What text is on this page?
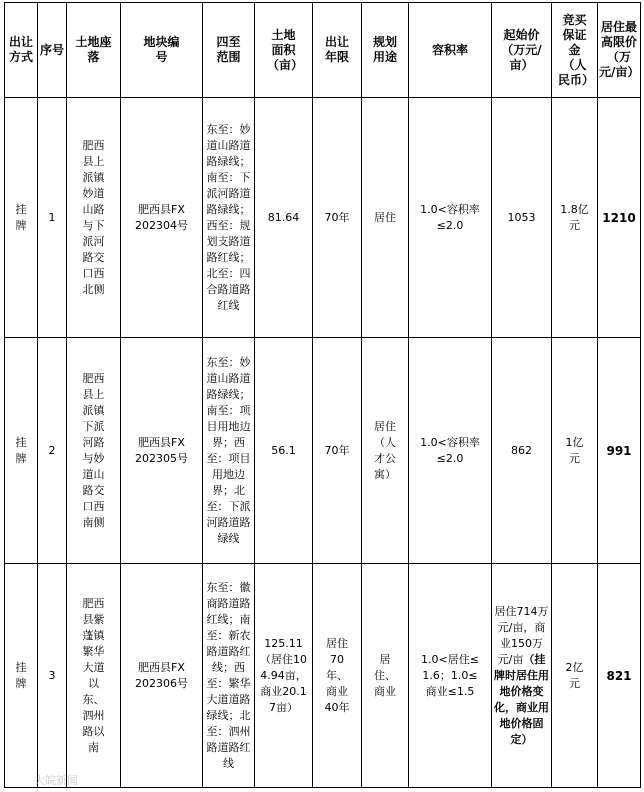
出让方式	序号	土地座落	地块编号	四至范围	土地面积（亩）	出让年限	规划用途	容积率	起始价（万元/亩）	竞买保证金（人民币）	居住最高限价（万元/亩）
挂牌	1	肥西县上派镇妙道山路与下派河路交口西北侧	肥西县FX202304号	东至：妙道山路道路绿线；南至：下派河路道路绿线；西至：规划支路道路红线；北至：四合路道路红线	81.64	70年	居住	1.0<容积率≤2.0	1053	1.8亿元	1210
挂牌	2	肥西县上派镇下派河路与妙道山路交口西南侧	肥西县FX202305号	东至：妙道山路道路绿线；南至：项目用地边界；西至：项目用地边界；北至：下派河路道路绿线	56.1	70年	居住（人才公寓）	1.0<容积率≤2.0	862	1亿元	991
挂牌	3	肥西县紫蓬镇繁华大道以东、泗州路以南	肥西县FX202306号	东至：徽商路道路红线；南至：新农路道路红线；西至：繁华大道道路绿线；北至：泗州路道路红线	125.11（居住104.94亩，商业20.17亩）	居住70年、商业40年	居住、商业	1.0<居住≤1.6；1.0≤商业≤1.5	居住714万元/亩，商业150万元/亩（挂牌时居住用地价格变化，商业用地价格固定）	2亿元	821
大皖新闻
